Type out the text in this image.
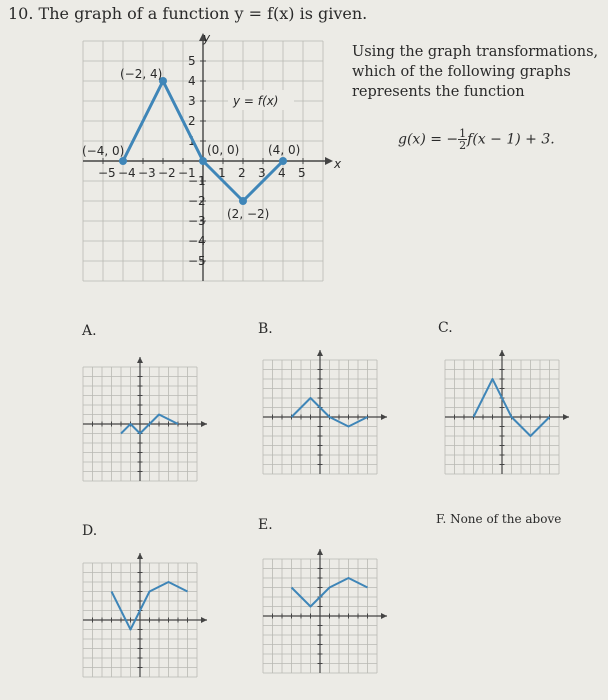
10. The graph of a function y = f(x) is given.
Using the graph transformations, which of the following graphs represents the function
g(x) = − $\frac{1}{2} f(x - 1) + 3$.
−5 −4 −3 −2 −1 1 2 3 4 5
5
4
3
2
1
−1
−2
−3
−4
−5
(−2, 4)
(−4, 0)	(0, 0) (4, 0)
(2, −2)
y = f(x)
x
y
A.	B.	C.
D.	E.	F. None of the above
